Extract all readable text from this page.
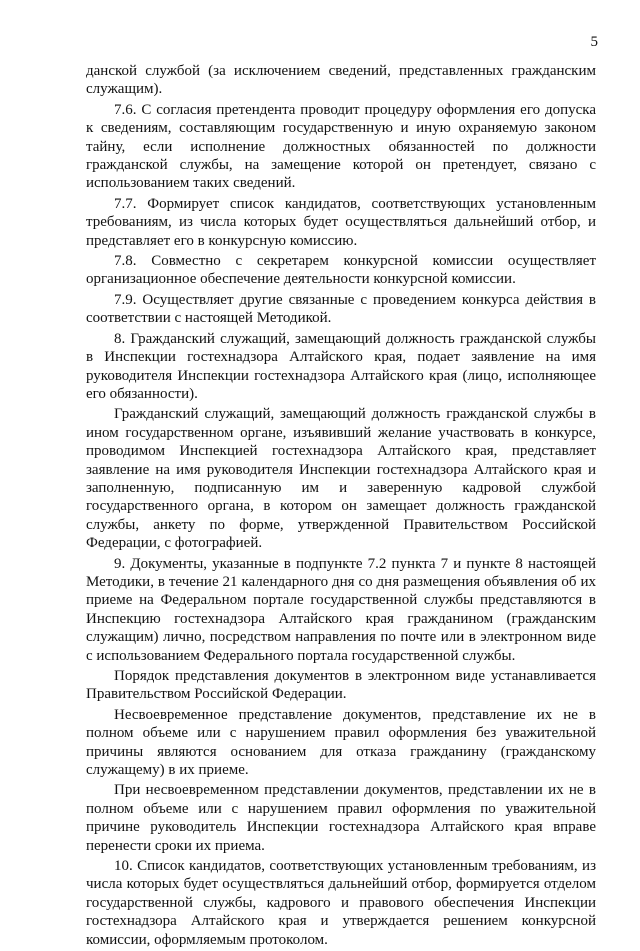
5

данской службой (за исключением сведений, представленных гражданским служащим).

7.6. С согласия претендента проводит процедуру оформления его допуска к сведениям, составляющим государственную и иную охраняемую законом тайну, если исполнение должностных обязанностей по должности гражданской службы, на замещение которой он претендует, связано с использованием таких сведений.

7.7. Формирует список кандидатов, соответствующих установленным требованиям, из числа которых будет осуществляться дальнейший отбор, и представляет его в конкурсную комиссию.

7.8. Совместно с секретарем конкурсной комиссии осуществляет организационное обеспечение деятельности конкурсной комиссии.

7.9. Осуществляет другие связанные с проведением конкурса действия в соответствии с настоящей Методикой.

8. Гражданский служащий, замещающий должность гражданской службы в Инспекции гостехнадзора Алтайского края, подает заявление на имя руководителя Инспекции гостехнадзора Алтайского края (лицо, исполняющее его обязанности).

Гражданский служащий, замещающий должность гражданской службы в ином государственном органе, изъявивший желание участвовать в конкурсе, проводимом Инспекцией гостехнадзора Алтайского края, представляет заявление на имя руководителя Инспекции гостехнадзора Алтайского края и заполненную, подписанную им и заверенную кадровой службой государственного органа, в котором он замещает должность гражданской службы, анкету по форме, утвержденной Правительством Российской Федерации, с фотографией.

9. Документы, указанные в подпункте 7.2 пункта 7 и пункте 8 настоящей Методики, в течение 21 календарного дня со дня размещения объявления об их приеме на Федеральном портале государственной службы представляются в Инспекцию гостехнадзора Алтайского края гражданином (гражданским служащим) лично, посредством направления по почте или в электронном виде с использованием Федерального портала государственной службы.

Порядок представления документов в электронном виде устанавливается Правительством Российской Федерации.

Несвоевременное представление документов, представление их не в полном объеме или с нарушением правил оформления без уважительной причины являются основанием для отказа гражданину (гражданскому служащему) в их приеме.

При несвоевременном представлении документов, представлении их не в полном объеме или с нарушением правил оформления по уважительной причине руководитель Инспекции гостехнадзора Алтайского края вправе перенести сроки их приема.

10. Список кандидатов, соответствующих установленным требованиям, из числа которых будет осуществляться дальнейший отбор, формируется отделом государственной службы, кадрового и правового обеспечения Инспекции гостехнадзора Алтайского края и утверждается решением конкурсной комиссии, оформляемым протоколом.
